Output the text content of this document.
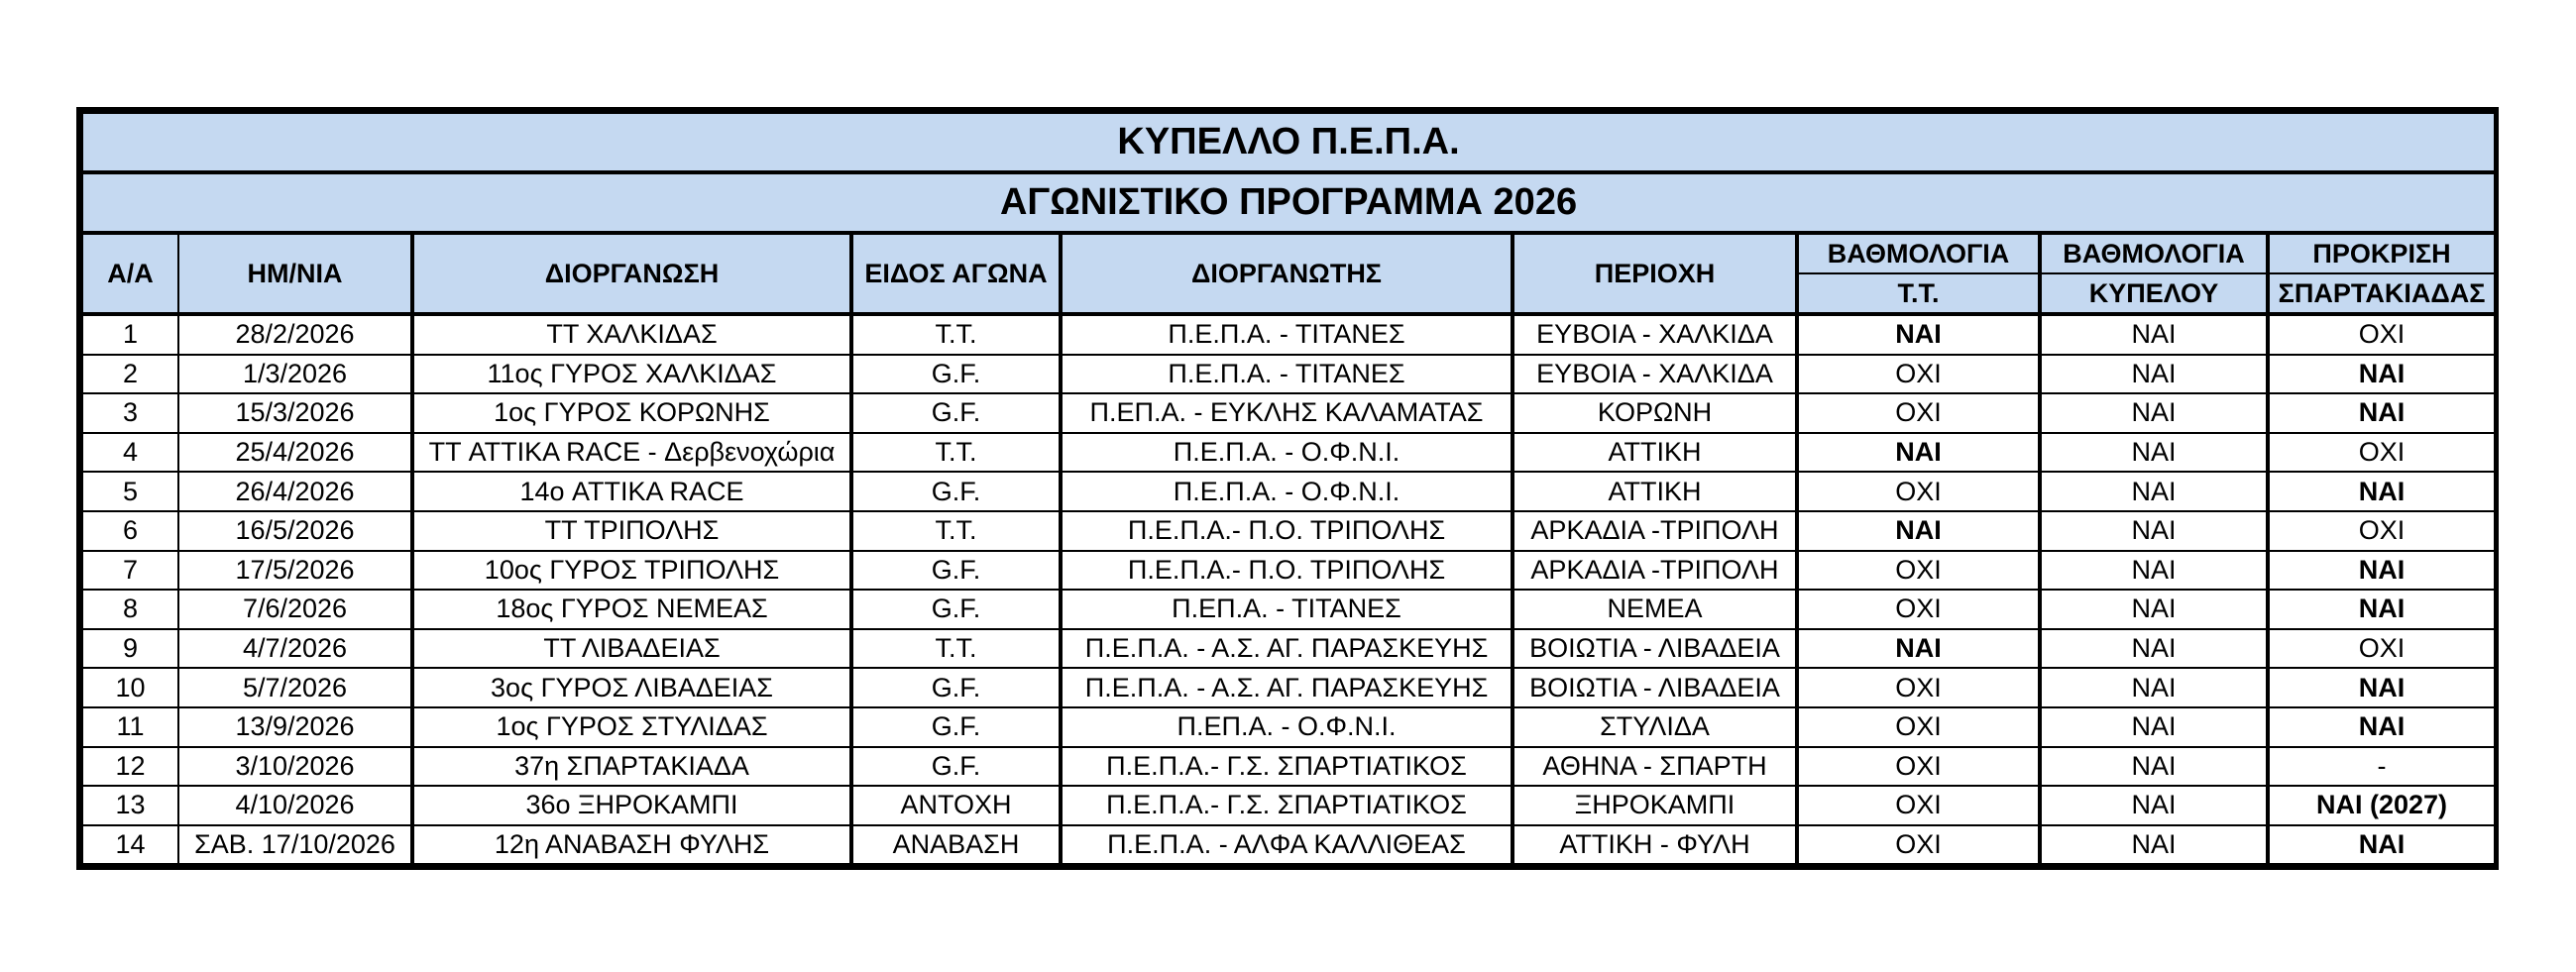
ΚΥΠΕΛΛΟ Π.Ε.Π.Α.								
ΑΓΩΝΙΣΤΙΚΟ ΠΡΟΓΡΑΜΜΑ 2026								
Α/Α	ΗΜ/ΝΙΑ	ΔΙΟΡΓΑΝΩΣΗ	ΕΙΔΟΣ ΑΓΩΝΑ	ΔΙΟΡΓΑΝΩΤΗΣ	ΠΕΡΙΟΧΗ	ΒΑΘΜΟΛΟΓΙΑ	ΒΑΘΜΟΛΟΓΙΑ	ΠΡΟΚΡΙΣΗ
						Τ.Τ.	ΚΥΠΕΛΟΥ	ΣΠΑΡΤΑΚΙΑΔΑΣ
1	28/2/2026	ΤΤ ΧΑΛΚΙΔΑΣ	Τ.Τ.	Π.Ε.Π.Α. - ΤΙΤΑΝΕΣ	ΕΥΒΟΙΑ - ΧΑΛΚΙΔΑ	ΝΑΙ	ΝΑΙ	ΟΧΙ
2	1/3/2026	11ος ΓΥΡΟΣ ΧΑΛΚΙΔΑΣ	G.F.	Π.Ε.Π.Α. - ΤΙΤΑΝΕΣ	ΕΥΒΟΙΑ - ΧΑΛΚΙΔΑ	ΟΧΙ	ΝΑΙ	ΝΑΙ
3	15/3/2026	1ος ΓΥΡΟΣ ΚΟΡΩΝΗΣ	G.F.	Π.ΕΠ.Α. - ΕΥΚΛΗΣ ΚΑΛΑΜΑΤΑΣ	ΚΟΡΩΝΗ	ΟΧΙ	ΝΑΙ	ΝΑΙ
4	25/4/2026	ΤΤ ATTIKA RACE - Δερβενοχώρια	Τ.Τ.	Π.Ε.Π.Α. - Ο.Φ.Ν.Ι.	ΑΤΤΙΚΗ	ΝΑΙ	ΝΑΙ	ΟΧΙ
5	26/4/2026	14ο ATTIKA RACE	G.F.	Π.Ε.Π.Α. - Ο.Φ.Ν.Ι.	ΑΤΤΙΚΗ	ΟΧΙ	ΝΑΙ	ΝΑΙ
6	16/5/2026	ΤΤ ΤΡΙΠΟΛΗΣ	Τ.Τ.	Π.Ε.Π.Α.- Π.Ο. ΤΡΙΠΟΛΗΣ	ΑΡΚΑΔΙΑ -ΤΡΙΠΟΛΗ	ΝΑΙ	ΝΑΙ	ΟΧΙ
7	17/5/2026	10ος ΓΥΡΟΣ ΤΡΙΠΟΛΗΣ	G.F.	Π.Ε.Π.Α.- Π.Ο. ΤΡΙΠΟΛΗΣ	ΑΡΚΑΔΙΑ -ΤΡΙΠΟΛΗ	ΟΧΙ	ΝΑΙ	ΝΑΙ
8	7/6/2026	18ος ΓΥΡΟΣ ΝΕΜΕΑΣ	G.F.	Π.ΕΠ.Α. - ΤΙΤΑΝΕΣ	ΝΕΜΕΑ	ΟΧΙ	ΝΑΙ	ΝΑΙ
9	4/7/2026	ΤΤ ΛΙΒΑΔΕΙΑΣ	Τ.Τ.	Π.Ε.Π.Α. - Α.Σ. ΑΓ. ΠΑΡΑΣΚΕΥΗΣ	ΒΟΙΩΤΙΑ - ΛΙΒΑΔΕΙΑ	ΝΑΙ	ΝΑΙ	ΟΧΙ
10	5/7/2026	3ος ΓΥΡΟΣ ΛΙΒΑΔΕΙΑΣ	G.F.	Π.Ε.Π.Α. - Α.Σ. ΑΓ. ΠΑΡΑΣΚΕΥΗΣ	ΒΟΙΩΤΙΑ - ΛΙΒΑΔΕΙΑ	ΟΧΙ	ΝΑΙ	ΝΑΙ
11	13/9/2026	1ος ΓΥΡΟΣ ΣΤΥΛΙΔΑΣ	G.F.	Π.ΕΠ.Α. - Ο.Φ.Ν.Ι.	ΣΤΥΛΙΔΑ	ΟΧΙ	ΝΑΙ	ΝΑΙ
12	3/10/2026	37η ΣΠΑΡΤΑΚΙΑΔΑ	G.F.	Π.Ε.Π.Α.- Γ.Σ. ΣΠΑΡΤΙΑΤΙΚΟΣ	ΑΘΗΝΑ - ΣΠΑΡΤΗ	ΟΧΙ	ΝΑΙ	-
13	4/10/2026	36ο ΞΗΡΟΚΑΜΠΙ	ΑΝΤΟΧΗ	Π.Ε.Π.Α.- Γ.Σ. ΣΠΑΡΤΙΑΤΙΚΟΣ	ΞΗΡΟΚΑΜΠΙ	ΟΧΙ	ΝΑΙ	ΝΑΙ (2027)
14	ΣΑΒ. 17/10/2026	12η ΑΝΑΒΑΣΗ ΦΥΛΗΣ	ΑΝΑΒΑΣΗ	Π.Ε.Π.Α. - ΑΛΦΑ ΚΑΛΛΙΘΕΑΣ	ΑΤΤΙΚΗ - ΦΥΛΗ	ΟΧΙ	ΝΑΙ	ΝΑΙ
